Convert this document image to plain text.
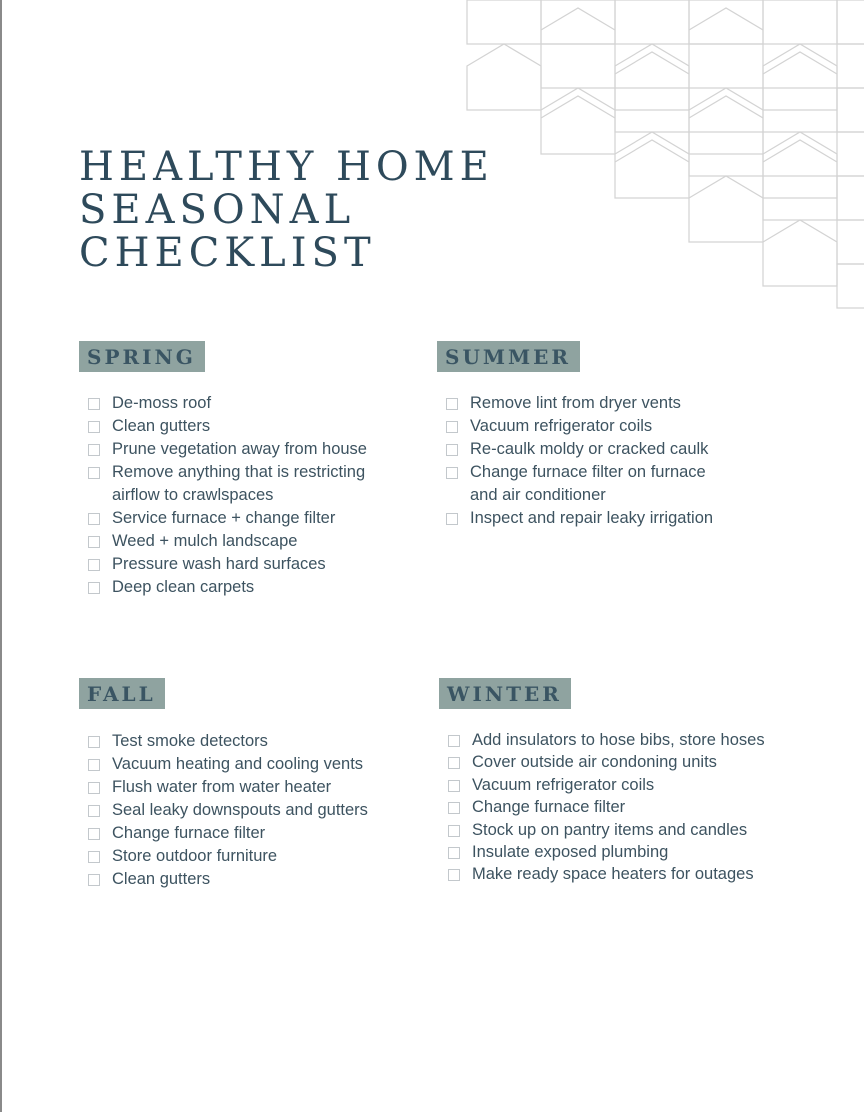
HEALTHY HOME
SEASONAL
CHECKLIST
SPRING
De-moss roof
Clean gutters
Prune vegetation away from house
Remove anything that is restricting
airflow to crawlspaces
Service furnace + change filter
Weed + mulch landscape
Pressure wash hard surfaces
Deep clean carpets
SUMMER
Remove lint from dryer vents
Vacuum refrigerator coils
Re-caulk moldy or cracked caulk
Change furnace filter on furnace
and air conditioner
Inspect and repair leaky irrigation
FALL
Test smoke detectors
Vacuum heating and cooling vents
Flush water from water heater
Seal leaky downspouts and gutters
Change furnace filter
Store outdoor furniture
Clean gutters
WINTER
Add insulators to hose bibs, store hoses
Cover outside air condoning units
Vacuum refrigerator coils
Change furnace filter
Stock up on pantry items and candles
Insulate exposed plumbing
Make ready space heaters for outages
